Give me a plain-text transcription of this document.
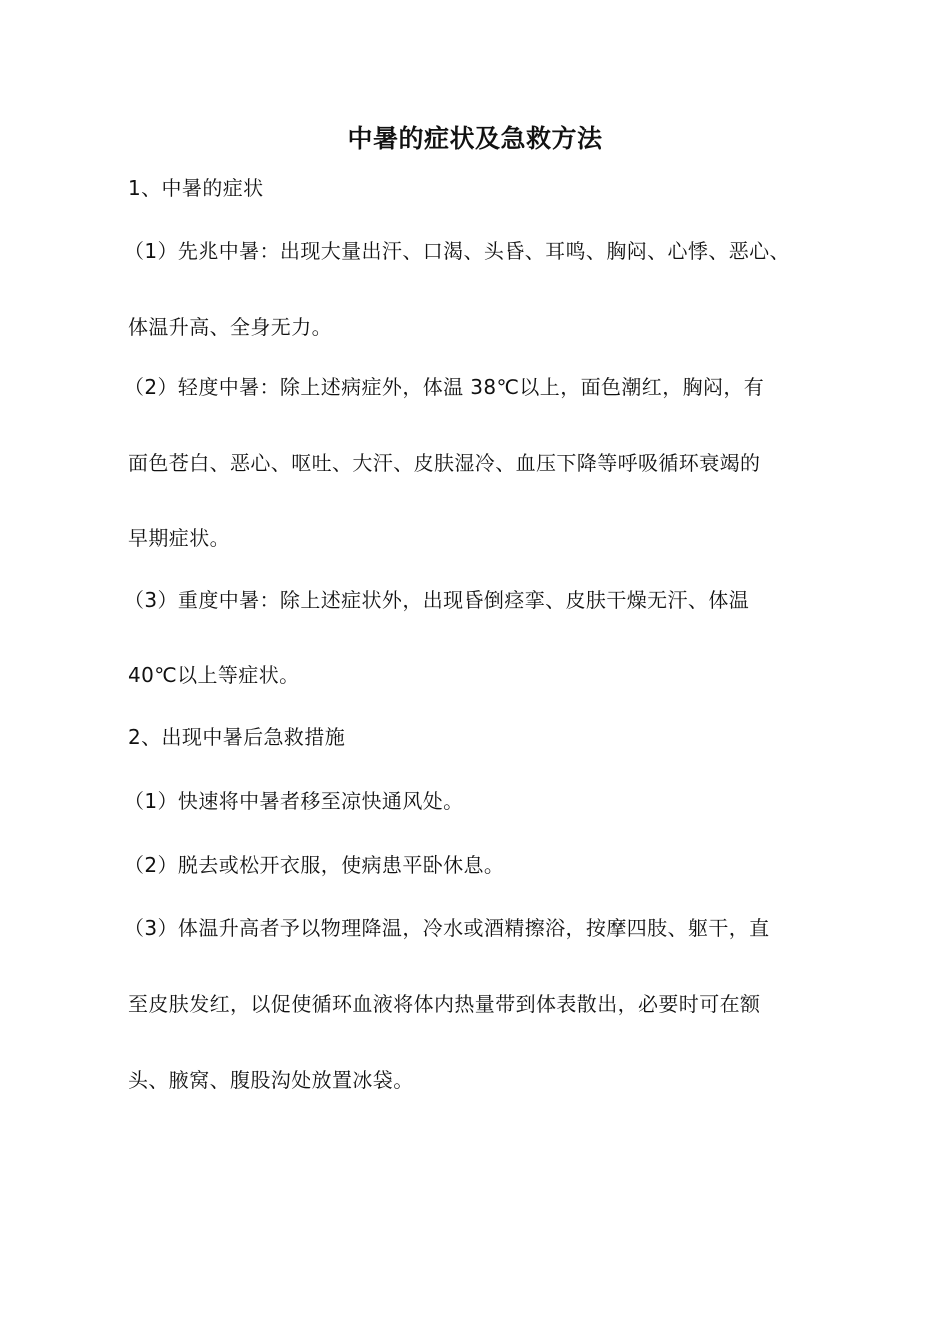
中暑的症状及急救方法
1、中暑的症状
（1）先兆中暑：出现大量出汗、口渴、头昏、耳鸣、胸闷、心悸、恶心、
体温升高、全身无力。
（2）轻度中暑：除上述病症外，体温 38℃以上，面色潮红，胸闷，有
面色苍白、恶心、呕吐、大汗、皮肤湿冷、血压下降等呼吸循环衰竭的
早期症状。
（3）重度中暑：除上述症状外，出现昏倒痉挛、皮肤干燥无汗、体温
40℃以上等症状。
2、出现中暑后急救措施
（1）快速将中暑者移至凉快通风处。
（2）脱去或松开衣服，使病患平卧休息。
（3）体温升高者予以物理降温，冷水或酒精擦浴，按摩四肢、躯干，直
至皮肤发红，以促使循环血液将体内热量带到体表散出，必要时可在额
头、腋窝、腹股沟处放置冰袋。
